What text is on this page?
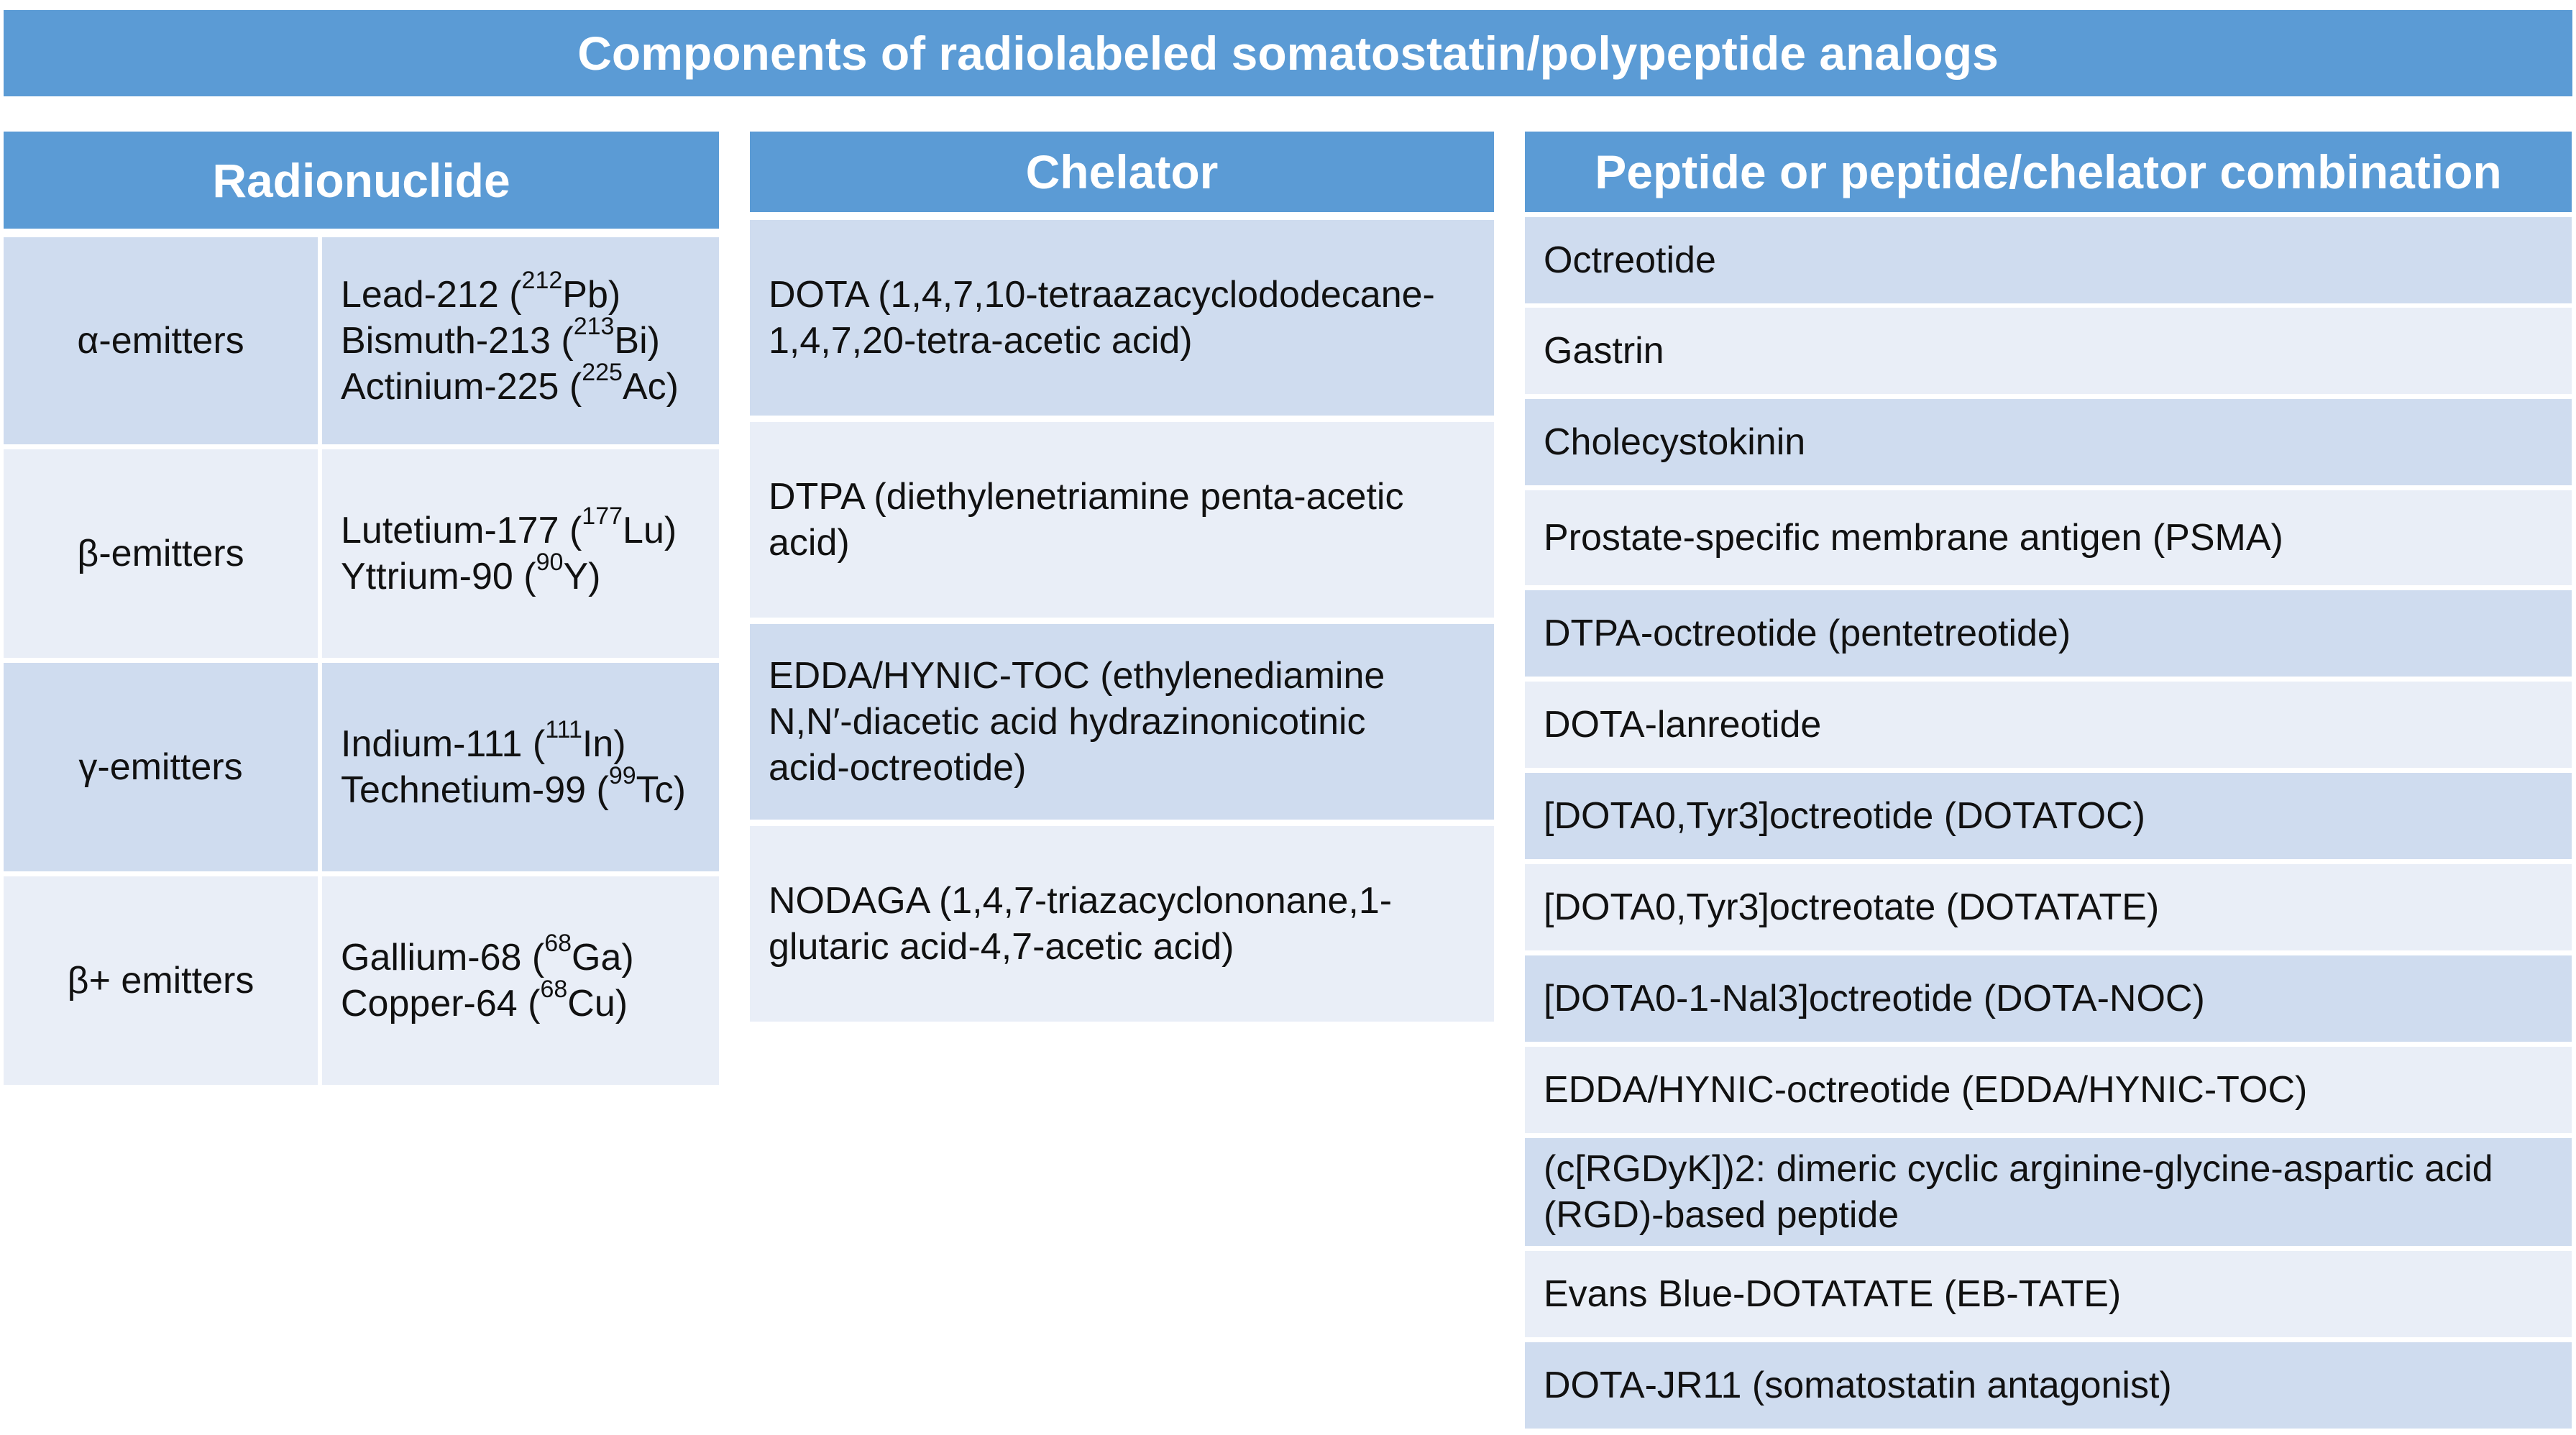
Components of radiolabeled somatostatin/polypeptide analogs
Radionuclide
α-emitters
Lead-212 ($^{212}$Pb)
Bismuth-213 ($^{213}$Bi)
Actinium-225 ($^{225}$Ac)
β-emitters
Lutetium-177 ($^{177}$Lu)
Yttrium-90 ($^{90}$Y)
γ-emitters
Indium-111 ($^{111}$In)
Technetium-99 ($^{99}$Tc)
β+ emitters
Gallium-68 ($^{68}$Ga)
Copper-64 ($^{68}$Cu)
Chelator
DOTA (1,4,7,10-tetraazacyclododecane-
1,4,7,20-tetra-acetic acid)
DTPA (diethylenetriamine penta-acetic
acid)
EDDA/HYNIC-TOC (ethylenediamine
N,N′-diacetic acid hydrazinonicotinic
acid-octreotide)
NODAGA (1,4,7-triazacyclononane,1-
glutaric acid-4,7-acetic acid)
Peptide or peptide/chelator combination
Octreotide
Gastrin
Cholecystokinin
Prostate-specific membrane antigen (PSMA)
DTPA-octreotide (pentetreotide)
DOTA-lanreotide
[DOTA0,Tyr3]octreotide (DOTATOC)
[DOTA0,Tyr3]octreotate (DOTATATE)
[DOTA0-1-Nal3]octreotide (DOTA-NOC)
EDDA/HYNIC-octreotide (EDDA/HYNIC-TOC)
(c[RGDyK])2: dimeric cyclic arginine-glycine-aspartic acid
(RGD)-based peptide
Evans Blue-DOTATATE (EB-TATE)
DOTA-JR11 (somatostatin antagonist)
